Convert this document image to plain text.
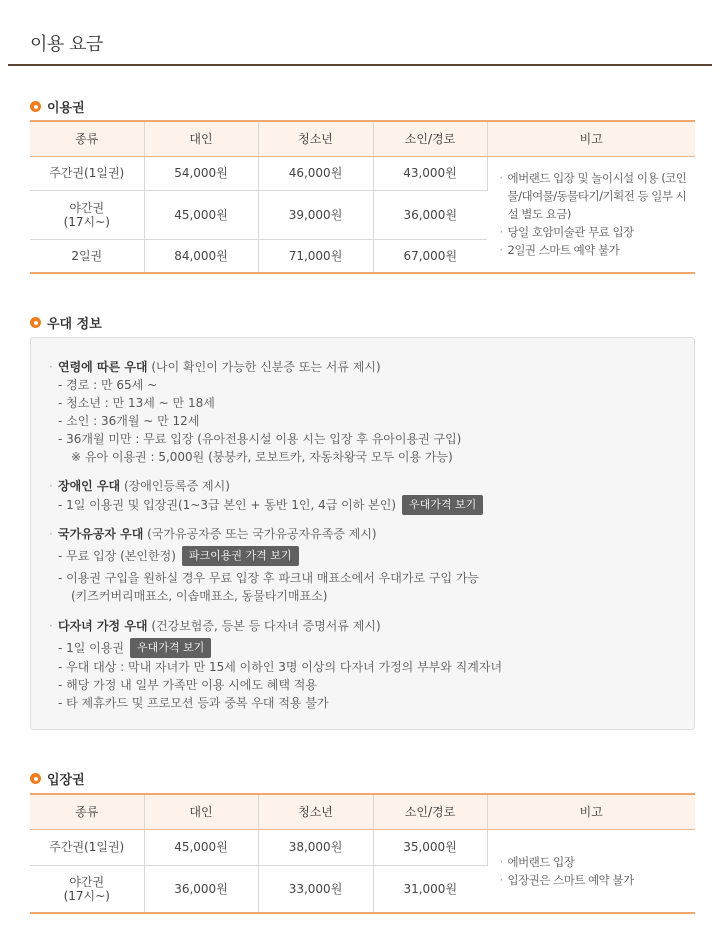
이용 요금
이용권
종류	대인	청소년	소인/경로	비고
주간권(1일권)	54,000원	46,000원	43,000원	· 에버랜드 입장 및 놀이시설 이용 (코인물/대여물/동물타기/기획전 등 일부 시설 별도 요금)
· 당일 호암미술관 무료 입장
· 2일권 스마트 예약 불가

야간권
(17시~)	45,000원	39,000원	36,000원	
2일권	84,000원	71,000원	67,000원	
우대 정보
· 연령에 따른 우대 (나이 확인이 가능한 신분증 또는 서류 제시)
- 경로 : 만 65세 ~
- 청소년 : 만 13세 ~ 만 18세
- 소인 : 36개월 ~ 만 12세
- 36개월 미만 : 무료 입장 (유아전용시설 이용 시는 입장 후 유아이용권 구입)
※ 유아 이용권 : 5,000원 (붕붕카, 로보트카, 자동차왕국 모두 이용 가능)
· 장애인 우대 (장애인등록증 제시)
- 1일 이용권 및 입장권(1~3급 본인 + 동반 1인, 4급 이하 본인)	우대가격 보기
· 국가유공자 우대 (국가유공자증 또는 국가유공자유족증 제시)
- 무료 입장 (본인한정)	파크이용권 가격 보기
- 이용권 구입을 원하실 경우 무료 입장 후 파크내 매표소에서 우대가로 구입 가능
(키즈커버리매표소, 이솝매표소, 동물타기매표소)
· 다자녀 가정 우대 (건강보험증, 등본 등 다자녀 증명서류 제시)
- 1일 이용권	우대가격 보기
- 우대 대상 : 막내 자녀가 만 15세 이하인 3명 이상의 다자녀 가정의 부부와 직계자녀
- 해당 가정 내 일부 가족만 이용 시에도 혜택 적용
- 타 제휴카드 및 프로모션 등과 중복 우대 적용 불가
입장권
종류	대인	청소년	소인/경로	비고
주간권(1일권)	45,000원	38,000원	35,000원	· 에버랜드 입장
· 입장권은 스마트 예약 불가

야간권
(17시~)	36,000원	33,000원	31,000원	
